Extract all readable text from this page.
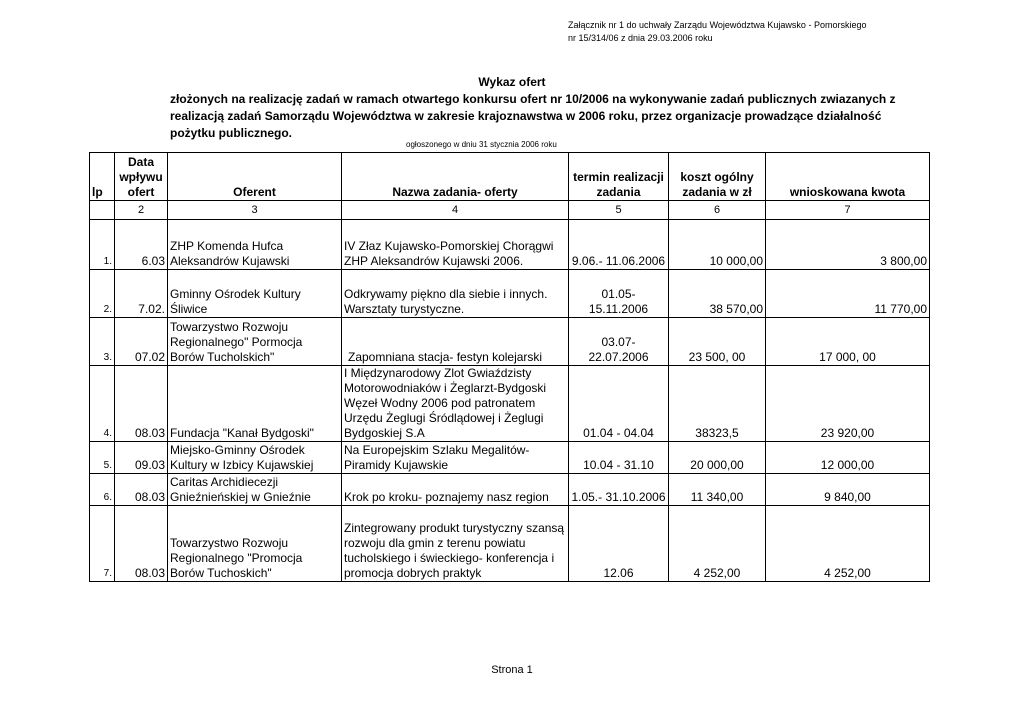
Załącznik nr 1 do uchwały Zarządu Województwa Kujawsko - Pomorskiego
nr 15/314/06 z dnia 29.03.2006 roku
Wykaz ofert
złożonych na realizację zadań w ramach otwartego konkursu ofert nr 10/2006 na wykonywanie zadań publicznych zwiazanych z realizacją zadań Samorządu Województwa w zakresie krajoznawstwa w 2006 roku, przez organizacje prowadzące działalność pożytku publicznego.
ogłoszonego w dniu 31 stycznia 2006 roku
lp	Data wpływu ofert	Oferent	Nazwa zadania- oferty	termin realizacji zadania	koszt ogólny zadania w zł	wnioskowana kwota
	2	3	4	5	6	7
1.	6.03	ZHP Komenda Hufca Aleksandrów Kujawski	IV Złaz Kujawsko-Pomorskiej Chorągwi ZHP Aleksandrów Kujawski 2006.	9.06.- 11.06.2006	10 000,00	3 800,00
2.	7.02.	Gminny Ośrodek Kultury Śliwice	Odkrywamy piękno dla siebie i innych. Warsztaty turystyczne.	01.05- 15.11.2006	38 570,00	11 770,00
3.	07.02	Towarzystwo Rozwoju Regionalnego" Pormocja Borów Tucholskich"	Zapomniana stacja- festyn kolejarski	03.07- 22.07.2006	23 500, 00	17 000, 00
4.	08.03	Fundacja "Kanał Bydgoski"	I Międzynarodowy Zlot Gwiaździsty Motorowodniaków i Żeglarzt-Bydgoski Węzeł Wodny 2006 pod patronatem Urzędu Żeglugi Śródlądowej i Żeglugi Bydgoskiej S.A	01.04 - 04.04	38323,5	23 920,00
5.	09.03	Miejsko-Gminny Ośrodek Kultury w Izbicy Kujawskiej	Na Europejskim Szlaku Megalitów- Piramidy Kujawskie	10.04 - 31.10	20 000,00	12 000,00
6.	08.03	Caritas Archidiecezji Gnieźnieńskiej w Gnieźnie	Krok po kroku- poznajemy nasz region	1.05.- 31.10.2006	11 340,00	9 840,00
7.	08.03	Towarzystwo Rozwoju Regionalnego "Promocja Borów Tuchoskich"	Zintegrowany produkt turystyczny szansą rozwoju dla gmin z terenu powiatu tucholskiego i świeckiego- konferencja i promocja dobrych praktyk	12.06	4 252,00	4 252,00
Strona 1
